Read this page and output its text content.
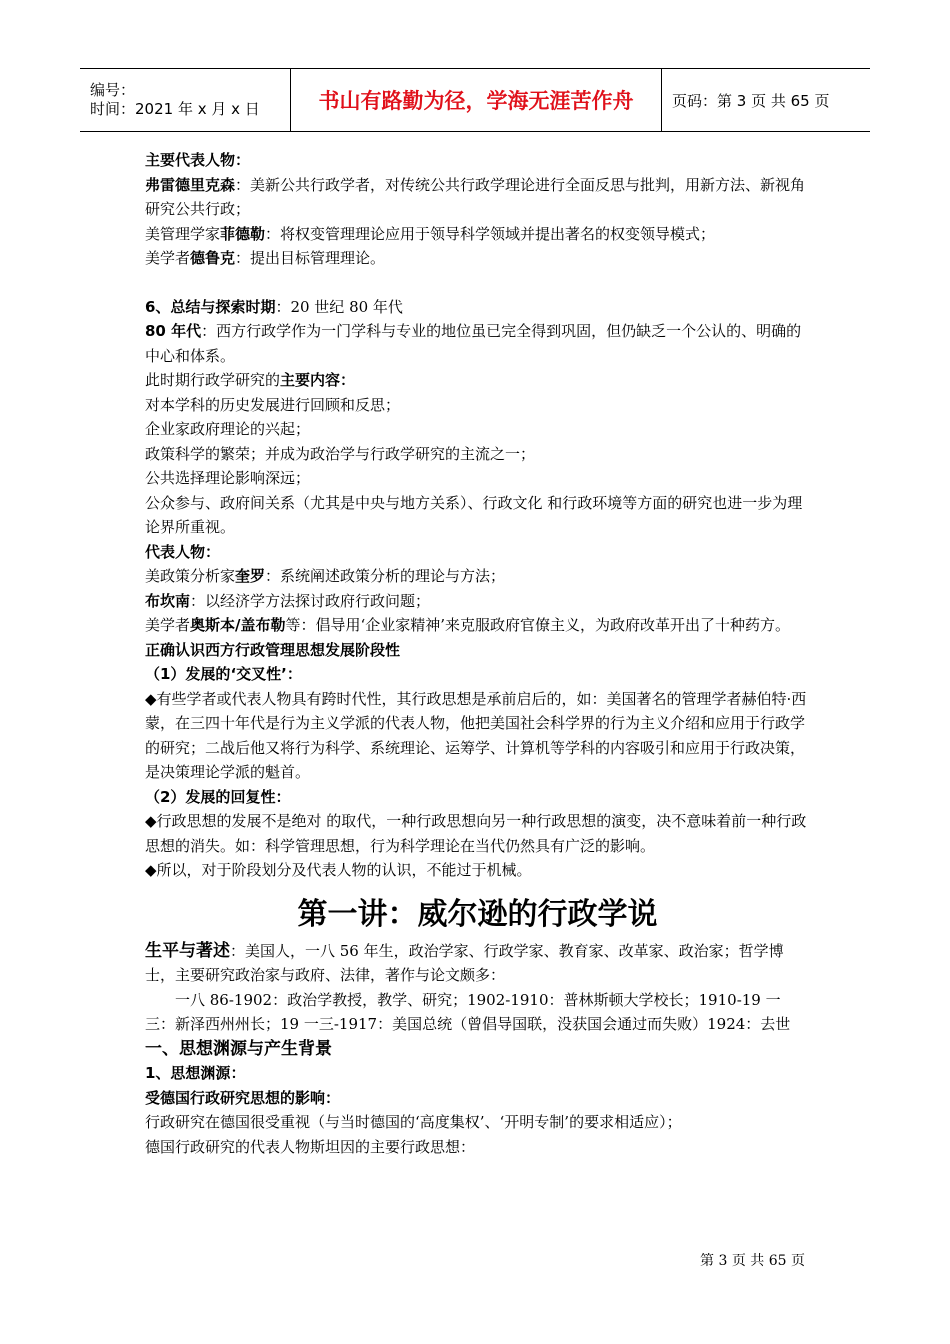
编号：
时间：2021 年 x 月 x 日	书山有路勤为径，学海无涯苦作舟	页码：第 3 页 共 65 页

主要代表人物：

弗雷德里克森：美新公共行政学者，对传统公共行政学理论进行全面反思与批判，用新方法、新视角研究公共行政；

美管理学家菲德勒：将权变管理理论应用于领导科学领域并提出著名的权变领导模式；

美学者德鲁克：提出目标管理理论。

6、总结与探索时期：20 世纪 80 年代

80 年代：西方行政学作为一门学科与专业的地位虽已完全得到巩固，但仍缺乏一个公认的、明确的中心和体系。

此时期行政学研究的主要内容：

对本学科的历史发展进行回顾和反思；

企业家政府理论的兴起；

政策科学的繁荣；并成为政治学与行政学研究的主流之一；

公共选择理论影响深远；

公众参与、政府间关系（尤其是中央与地方关系）、行政文化 和行政环境等方面的研究也进一步为理论界所重视。

代表人物：

美政策分析家奎罗：系统阐述政策分析的理论与方法；

布坎南：以经济学方法探讨政府行政问题；

美学者奥斯本/盖布勒等：倡导用‘企业家精神’来克服政府官僚主义，为政府改革开出了十种药方。

正确认识西方行政管理思想发展阶段性

（1）发展的‘交叉性’：

◆有些学者或代表人物具有跨时代性，其行政思想是承前启后的，如：美国著名的管理学者赫伯特·西蒙，在三四十年代是行为主义学派的代表人物，他把美国社会科学界的行为主义介绍和应用于行政学的研究；二战后他又将行为科学、系统理论、运筹学、计算机等学科的内容吸引和应用于行政决策，是决策理论学派的魁首。

（2）发展的回复性：

◆行政思想的发展不是绝对 的取代，一种行政思想向另一种行政思想的演变，决不意味着前一种行政思想的消失。如：科学管理思想，行为科学理论在当代仍然具有广泛的影响。

◆所以，对于阶段划分及代表人物的认识，不能过于机械。

第一讲：威尔逊的行政学说

生平与著述：美国人，一八 56 年生，政治学家、行政学家、教育家、改革家、政治家；哲学博士，主要研究政治家与政府、法律，著作与论文颇多：

一八 86-1902：政治学教授，教学、研究；1902-1910：普林斯顿大学校长；1910-19 一三：新泽西州州长；19 一三-1917：美国总统（曾倡导国联，没获国会通过而失败）1924：去世

一、思想渊源与产生背景

1、思想渊源：

受德国行政研究思想的影响：

行政研究在德国很受重视（与当时德国的‘高度集权’、‘开明专制’的要求相适应）；

德国行政研究的代表人物斯坦因的主要行政思想：

第 3 页 共 65 页
